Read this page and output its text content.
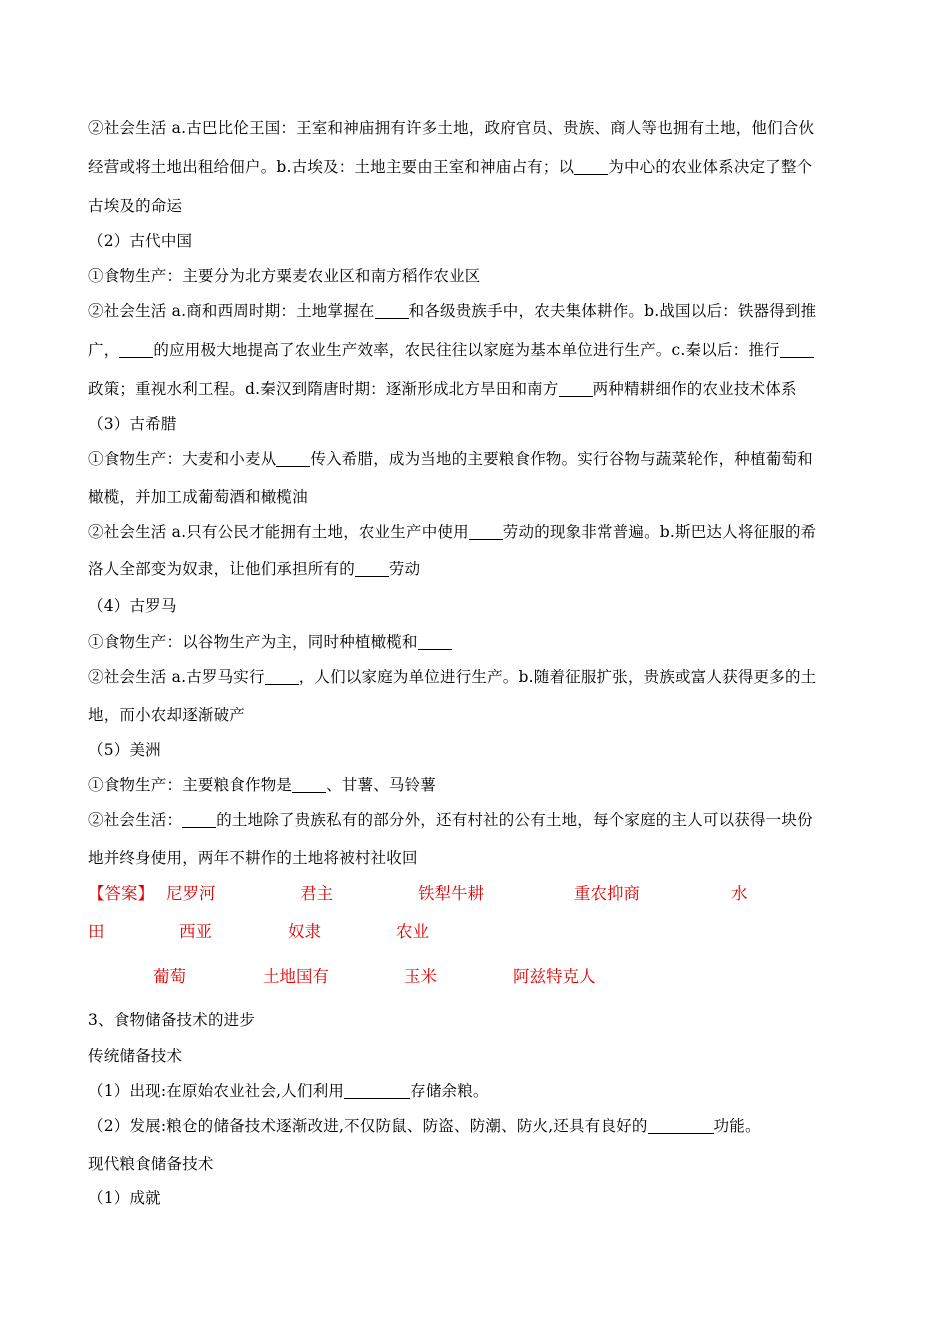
②社会生活 a.古巴比伦王国：王室和神庙拥有许多土地，政府官员、贵族、商人等也拥有土地，他们合伙
经营或将土地出租给佃户。b.古埃及：土地主要由王室和神庙占有；以 为中心的农业体系决定了整个
古埃及的命运
（2）古代中国
①食物生产：主要分为北方粟麦农业区和南方稻作农业区
②社会生活 a.商和西周时期：土地掌握在 和各级贵族手中，农夫集体耕作。b.战国以后：铁器得到推
广， 的应用极大地提高了农业生产效率，农民往往以家庭为基本单位进行生产。c.秦以后：推行
政策；重视水利工程。d.秦汉到隋唐时期：逐渐形成北方旱田和南方 两种精耕细作的农业技术体系
（3）古希腊
①食物生产：大麦和小麦从 传入希腊，成为当地的主要粮食作物。实行谷物与蔬菜轮作，种植葡萄和
橄榄，并加工成葡萄酒和橄榄油
②社会生活 a.只有公民才能拥有土地，农业生产中使用 劳动的现象非常普遍。b.斯巴达人将征服的希
洛人全部变为奴隶，让他们承担所有的 劳动
（4）古罗马
①食物生产：以谷物生产为主，同时种植橄榄和
②社会生活 a.古罗马实行 ，人们以家庭为单位进行生产。b.随着征服扩张，贵族或富人获得更多的土
地，而小农却逐渐破产
（5）美洲
①食物生产：主要粮食作物是 、甘薯、马铃薯
②社会生活： 的土地除了贵族私有的部分外，还有村社的公有土地，每个家庭的主人可以获得一块份
地并终身使用，两年不耕作的土地将被村社收回
【答案】 尼罗河	君主	铁犁牛耕	重农抑商	水
田	西亚	奴隶	农业
葡萄	土地国有	玉米	阿兹特克人
3、食物储备技术的进步
传统储备技术
（1）出现:在原始农业社会,人们利用	存储余粮。
（2）发展:粮仓的储备技术逐渐改进,不仅防鼠、防盗、防潮、防火,还具有良好的	功能。
现代粮食储备技术
（1）成就
